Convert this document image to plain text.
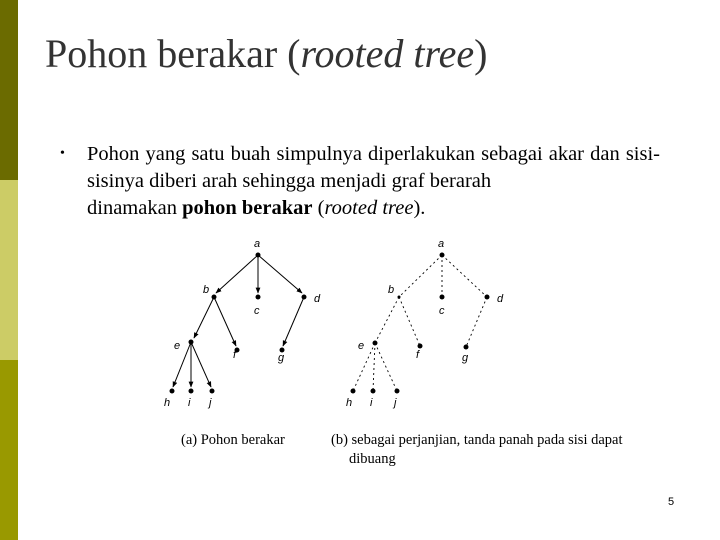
Pohon berakar (rooted tree)
• Pohon yang satu buah simpulnya diperlakukan sebagai akar dan sisi-sisinya diberi arah sehingga menjadi graf berarah
dinamakan pohon berakar (rooted tree).
a
b
c
d
e
f	g
h i j
a
b
c
d
e
f	g
h i j
(a) Pohon berakar	(b) sebagai perjanjian, tanda panah pada sisi dapat
dibuang
5
